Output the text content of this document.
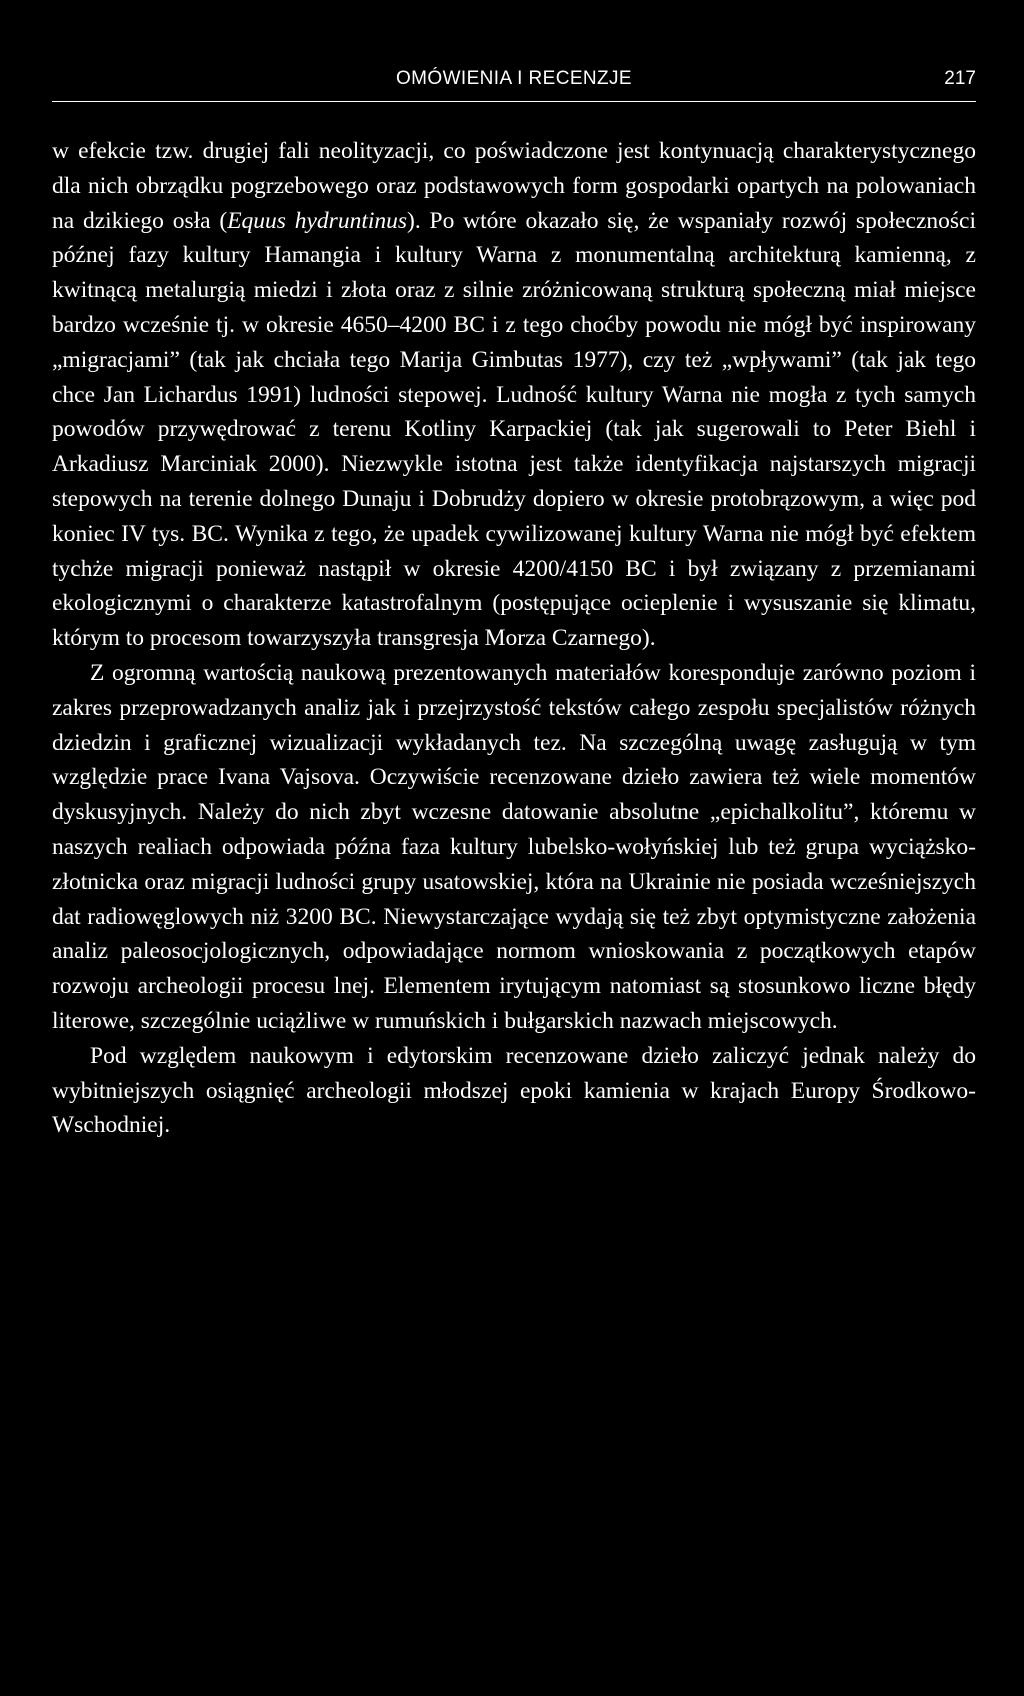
OMÓWIENIA I RECENZJE	217

w efekcie tzw. drugiej fali neolityzacji, co poświadczone jest kontynuacją charakterystycznego dla nich obrządku pogrzebowego oraz podstawowych form gospodarki opartych na polowaniach na dzikiego osła (Equus hydruntinus). Po wtóre okazało się, że wspaniały rozwój społeczności późnej fazy kultury Hamangia i kultury Warna z monumentalną architekturą kamienną, z kwitnącą metalurgią miedzi i złota oraz z silnie zróżnicowaną strukturą społeczną miał miejsce bardzo wcześnie tj. w okresie 4650–4200 BC i z tego choćby powodu nie mógł być inspirowany „migracjami” (tak jak chciała tego Marija Gimbutas 1977), czy też „wpływami” (tak jak tego chce Jan Lichardus 1991) ludności stepowej. Ludność kultury Warna nie mogła z tych samych powodów przywędrować z terenu Kotliny Karpackiej (tak jak sugerowali to Peter Biehl i Arkadiusz Marciniak 2000). Niezwykle istotna jest także identyfikacja najstarszych migracji stepowych na terenie dolnego Dunaju i Dobrudży dopiero w okresie protobrązowym, a więc pod koniec IV tys. BC. Wynika z tego, że upadek cywilizowanej kultury Warna nie mógł być efektem tychże migracji ponieważ nastąpił w okresie 4200/4150 BC i był związany z przemianami ekologicznymi o charakterze katastrofalnym (postępujące ocieplenie i wysuszanie się klimatu, którym to procesom towarzyszyła transgresja Morza Czarnego).

Z ogromną wartością naukową prezentowanych materiałów koresponduje zarówno poziom i zakres przeprowadzanych analiz jak i przejrzystość tekstów całego zespołu specjalistów różnych dziedzin i graficznej wizualizacji wykładanych tez. Na szczególną uwagę zasługują w tym względzie prace Ivana Vajsova. Oczywiście recenzowane dzieło zawiera też wiele momentów dyskusyjnych. Należy do nich zbyt wczesne datowanie absolutne „epichalkolitu”, któremu w naszych realiach odpowiada późna faza kultury lubelsko-wołyńskiej lub też grupa wyciążsko-złotnicka oraz migracji ludności grupy usatowskiej, która na Ukrainie nie posiada wcześniejszych dat radiowęglowych niż 3200 BC. Niewystarczające wydają się też zbyt optymistyczne założenia analiz paleosocjologicznych, odpowiadające normom wnioskowania z początkowych etapów rozwoju archeologii procesu lnej. Elementem irytującym natomiast są stosunkowo liczne błędy literowe, szczególnie uciążliwe w rumuńskich i bułgarskich nazwach miejscowych.

Pod względem naukowym i edytorskim recenzowane dzieło zaliczyć jednak należy do wybitniejszych osiągnięć archeologii młodszej epoki kamienia w krajach Europy Środkowo-Wschodniej.
